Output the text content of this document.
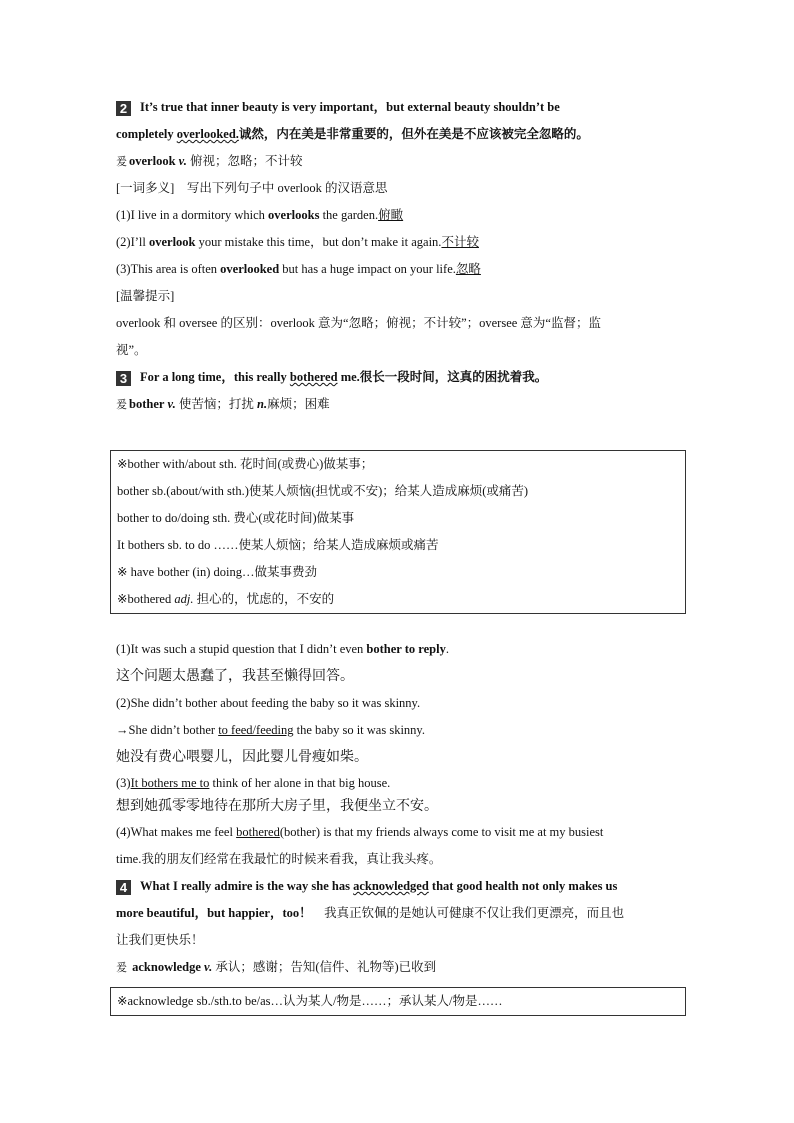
2 It’s true that inner beauty is very important，but external beauty shouldn’t be
completely overlooked.诚然，内在美是非常重要的，但外在美是不应该被完全忽略的。
爰 overlook v. 俯视；忽略；不计较
[一词多义]　写出下列句子中 overlook 的汉语意思
(1)I live in a dormitory which overlooks the garden.俯瞰
(2)I’ll overlook your mistake this time，but don’t make it again.不计较
(3)This area is often overlooked but has a huge impact on your life.忽略
[温馨提示]
overlook 和 oversee 的区别：overlook 意为“忽略；俯视；不计较”；oversee 意为“监督；监
视”。
3 For a long time，this really bothered me.很长一段时间，这真的困扰着我。
爰 bother v. 使苦恼；打扰 n.麻烦；困难
※bother with/about sth. 花时间(或费心)做某事；
bother sb.(about/with sth.)使某人烦恼(担忧或不安)；给某人造成麻烦(或痛苦)
bother to do/doing sth. 费心(或花时间)做某事
It bothers sb. to do ……使某人烦恼；给某人造成麻烦或痛苦
※ have bother (in) doing…做某事费劲
※bothered adj. 担心的，忧虑的，不安的
(1)It was such a stupid question that I didn’t even bother to reply.
这个问题太愚蠢了，我甚至懒得回答。
(2)She didn’t bother about feeding the baby so it was skinny.
→She didn’t bother to feed/feeding the baby so it was skinny.
她没有费心喂婴儿，因此婴儿骨瘦如柴。
(3)It bothers me to think of her alone in that big house.
想到她孤零零地待在那所大房子里，我便坐立不安。
(4)What makes me feel bothered(bother) is that my friends always come to visit me at my busiest
time.我的朋友们经常在我最忙的时候来看我，真让我头疼。
4 What I really admire is the way she has acknowledged that good health not only makes us
more beautiful，but happier，too！　我真正钦佩的是她认可健康不仅让我们更漂亮，而且也
让我们更快乐！
爰 acknowledge v. 承认；感谢；告知(信件、礼物等)已收到
※acknowledge sb./sth.to be/as…认为某人/物是……；承认某人/物是……
